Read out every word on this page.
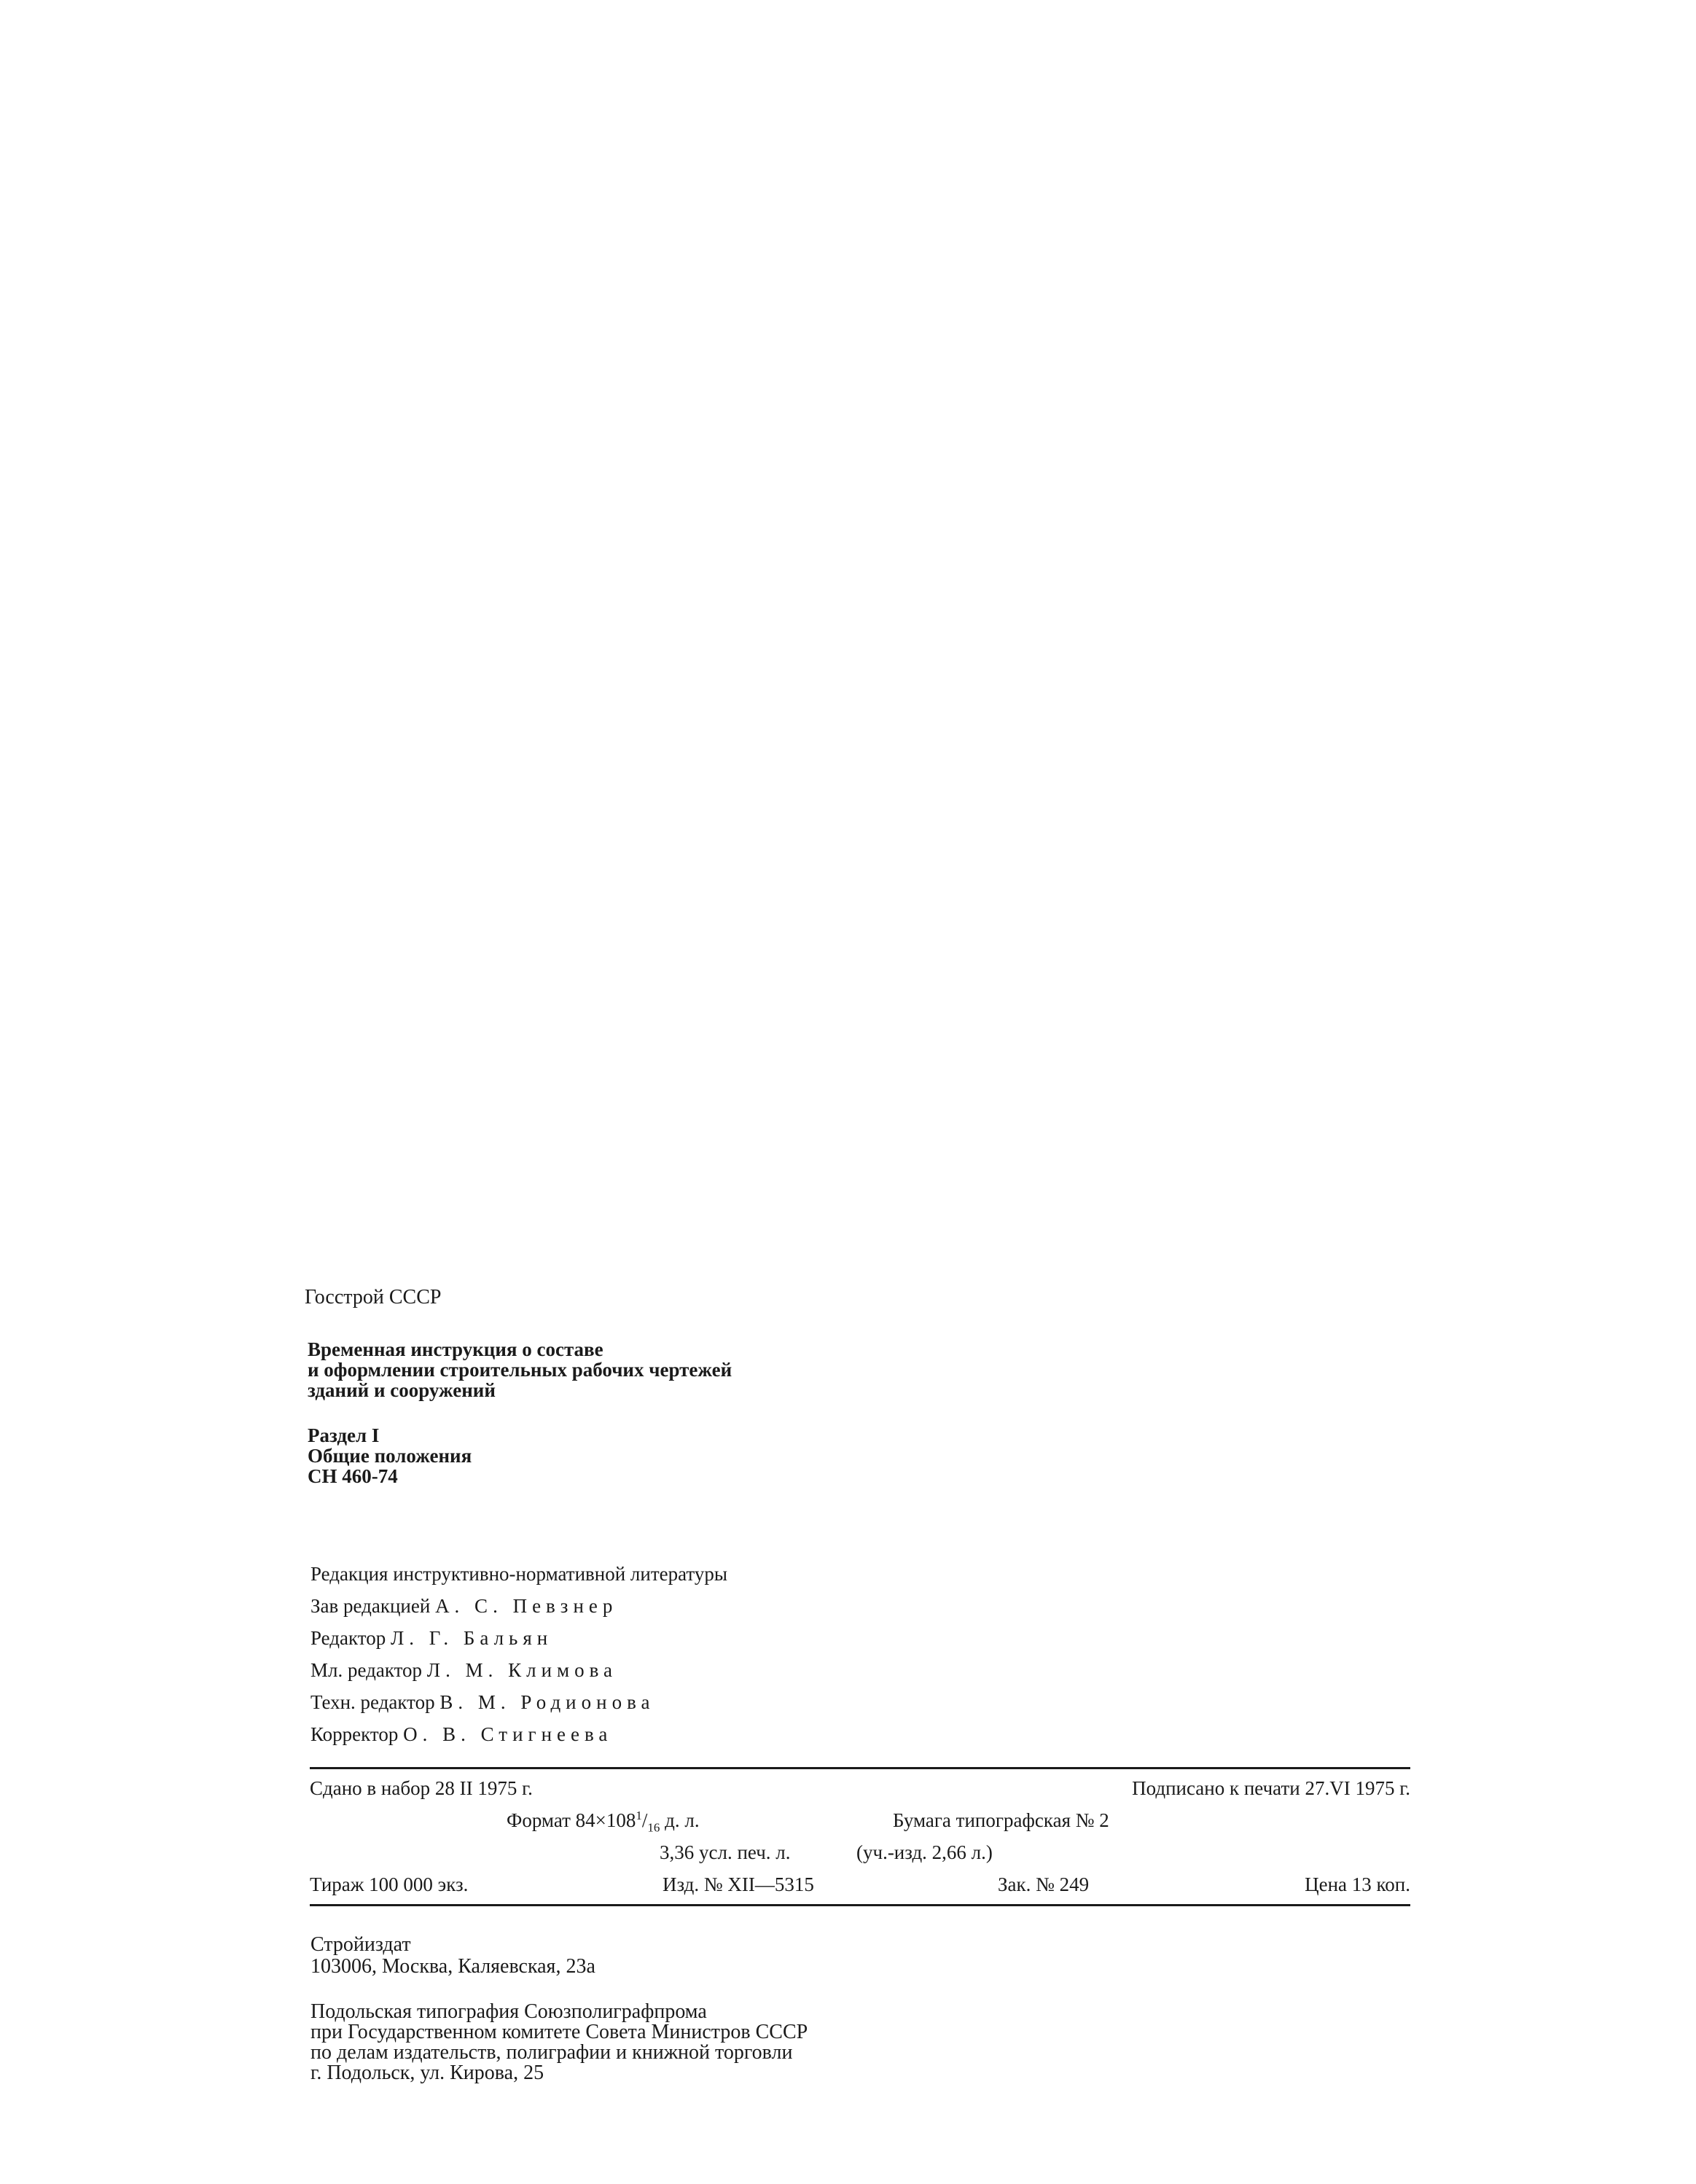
Госстрой СССР
Временная инструкция о составе
и оформлении строительных рабочих чертежей
зданий и сооружений
Раздел I
Общие положения
СН 460-74
Редакция инструктивно-нормативной литературы
Зав редакцией А. С. Певзнер
Редактор Л. Г. Бальян
Мл. редактор Л. М. Климова
Техн. редактор В. М. Родионова
Корректор О. В. Стигнеева
Сдано в набор 28 II 1975 г.	Подписано к печати 27.VI 1975 г.
Формат $84\times 108^1/_{16}$ д. л.	Бумага типографская № 2
3,36 усл. печ. л.	(уч.-изд. 2,66 л.)
Тираж 100 000 экз.	Изд. № XII—5315	Зак. № 249	Цена 13 коп.
Стройиздат
103006, Москва, Каляевская, 23а
Подольская типография Союзполиграфпрома
при Государственном комитете Совета Министров СССР
по делам издательств, полиграфии и книжной торговли
г. Подольск, ул. Кирова, 25
